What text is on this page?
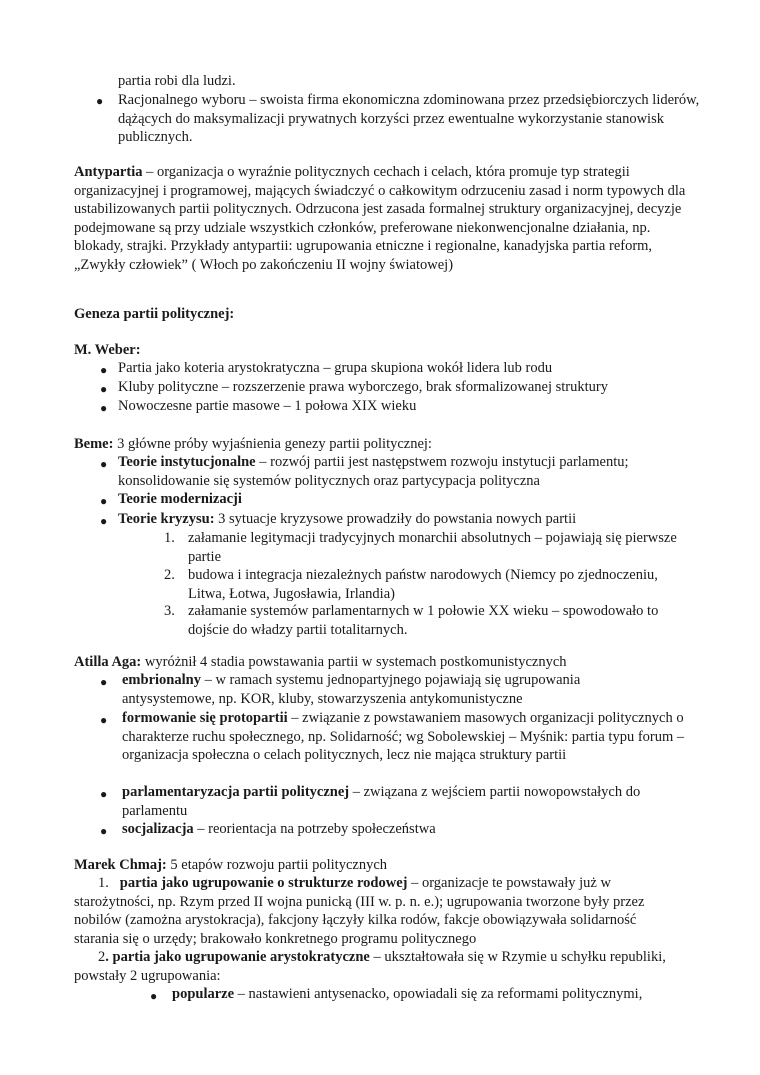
partia robi dla ludzi.

● Racjonalnego wyboru – swoista firma ekonomiczna zdominowana przez przedsiębiorczych liderów, dążących do maksymalizacji prywatnych korzyści przez ewentualne wykorzystanie stanowisk publicznych.

Antypartia – organizacja o wyraźnie politycznych cechach i celach, która promuje typ strategii organizacyjnej i programowej, mających świadczyć o całkowitym odrzuceniu zasad i norm typowych dla ustabilizowanych partii politycznych. Odrzucona jest zasada formalnej struktury organizacyjnej, decyzje podejmowane są przy udziale wszystkich członków, preferowane niekonwencjonalne działania, np. blokady, strajki. Przykłady antypartii: ugrupowania etniczne i regionalne, kanadyjska partia reform, „Zwykły człowiek” ( Włoch po zakończeniu II wojny światowej)

Geneza partii politycznej:

M. Weber:

● Partia jako koteria arystokratyczna – grupa skupiona wokół lidera lub rodu

● Kluby polityczne – rozszerzenie prawa wyborczego, brak sformalizowanej struktury

● Nowoczesne partie masowe – 1 połowa XIX wieku

Beme: 3 główne próby wyjaśnienia genezy partii politycznej:

● Teorie instytucjonalne – rozwój partii jest następstwem rozwoju instytucji parlamentu; konsolidowanie się systemów politycznych oraz partycypacja polityczna

● Teorie modernizacji

● Teorie kryzysu: 3 sytuacje kryzysowe prowadziły do powstania nowych partii

1. załamanie legitymacji tradycyjnych monarchii absolutnych – pojawiają się pierwsze partie

2. budowa i integracja niezależnych państw narodowych (Niemcy po zjednoczeniu, Litwa, Łotwa, Jugosławia, Irlandia)

3. załamanie systemów parlamentarnych w 1 połowie XX wieku – spowodowało to dojście do władzy partii totalitarnych.

Atilla Aga: wyróżnił 4 stadia powstawania partii w systemach postkomunistycznych

● embrionalny – w ramach systemu jednopartyjnego pojawiają się ugrupowania antysystemowe, np. KOR, kluby, stowarzyszenia antykomunistyczne

● formowanie się protopartii – związanie z powstawaniem masowych organizacji politycznych o charakterze ruchu społecznego, np. Solidarność; wg Sobolewskiej – Myśnik: partia typu forum – organizacja społeczna o celach politycznych, lecz nie mająca struktury partii

● parlamentaryzacja partii politycznej – związana z wejściem partii nowopowstałych do parlamentu

● socjalizacja – reorientacja na potrzeby społeczeństwa

Marek Chmaj: 5 etapów rozwoju partii politycznych

1. partia jako ugrupowanie o strukturze rodowej – organizacje te powstawały już w starożytności, np. Rzym przed II wojna punicką (III w. p. n. e.); ugrupowania tworzone były przez nobilów (zamożna arystokracja), fakcjony łączyły kilka rodów, fakcje obowiązywała solidarność starania się o urzędy; brakowało konkretnego programu politycznego

2. partia jako ugrupowanie arystokratyczne – ukształtowała się w Rzymie u schyłku republiki, powstały 2 ugrupowania:

● popularze – nastawieni antysenacko, opowiadali się za reformami politycznymi,
